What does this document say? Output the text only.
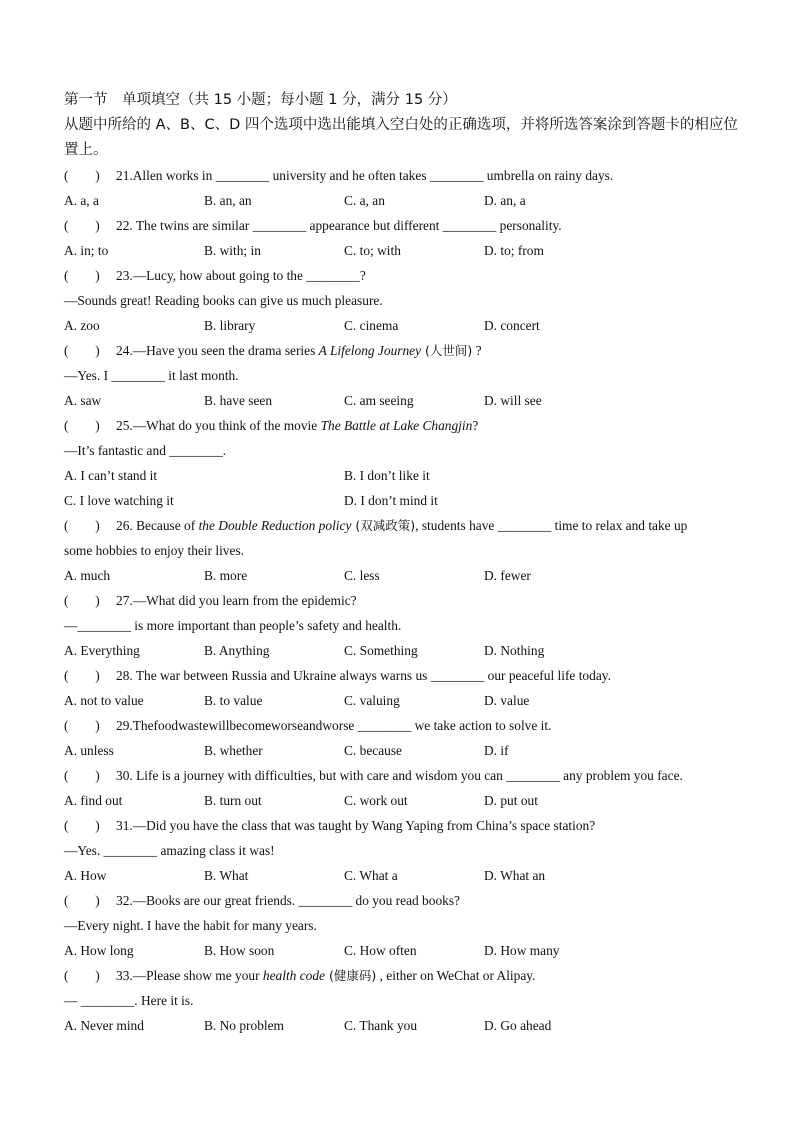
第一节　单项填空（共 15 小题；每小题 1 分，满分 15 分）
从题中所给的 A、B、C、D 四个选项中选出能填入空白处的正确选项，并将所选答案涂到答题卡的相应位置上。
(　　) 21.Allen works in ________ university and he often takes ________ umbrella on rainy days.
A. a, a	B. an, an	C. a, an	D. an, a
(　　) 22. The twins are similar ________ appearance but different ________ personality.
A. in; to	B. with; in	C. to; with	D. to; from
(　　) 23.—Lucy, how about going to the ________?
—Sounds great! Reading books can give us much pleasure.
A. zoo	B. library	C. cinema	D. concert
(　　) 24.—Have you seen the drama series A Lifelong Journey (人世间) ?
—Yes. I ________ it last month.
A. saw	B. have seen	C. am seeing	D. will see
(　　) 25.—What do you think of the movie The Battle at Lake Changjin?
—It’s fantastic and ________.
A. I can’t stand it	B. I don’t like it
C. I love watching it	D. I don’t mind it
(　　) 26. Because of the Double Reduction policy (双减政策), students have ________ time to relax and take up
some hobbies to enjoy their lives.
A. much	B. more	C. less	D. fewer
(　　) 27.—What did you learn from the epidemic?
—________ is more important than people’s safety and health.
A. Everything	B. Anything	C. Something	D. Nothing
(　　) 28. The war between Russia and Ukraine always warns us ________ our peaceful life today.
A. not to value	B. to value	C. valuing	D. value
(　　) 29.Thefoodwastewillbecomeworseandworse ________ we take action to solve it.
A. unless	B. whether	C. because	D. if
(　　) 30. Life is a journey with difficulties, but with care and wisdom you can ________ any problem you face.
A. find out	B. turn out	C. work out	D. put out
(　　) 31.—Did you have the class that was taught by Wang Yaping from China’s space station?
—Yes. ________ amazing class it was!
A. How	B. What	C. What a	D. What an
(　　) 32.—Books are our great friends. ________ do you read books?
—Every night. I have the habit for many years.
A. How long	B. How soon	C. How often	D. How many
(　　) 33.—Please show me your health code (健康码) , either on WeChat or Alipay.
— ________. Here it is.
A. Never mind	B. No problem	C. Thank you	D. Go ahead
